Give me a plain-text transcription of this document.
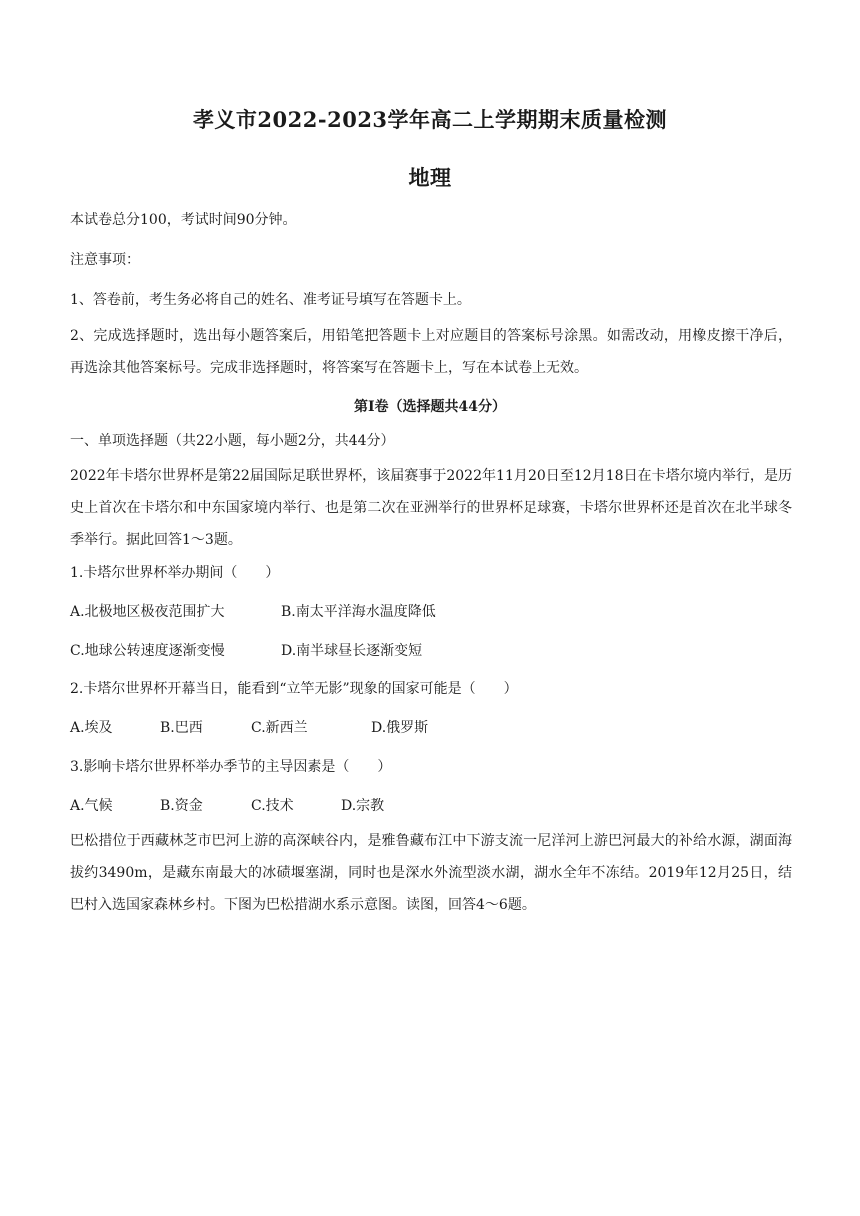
孝义市2022-2023学年高二上学期期末质量检测
地理
本试卷总分100，考试时间90分钟。
注意事项：
1、答卷前，考生务必将自己的姓名、准考证号填写在答题卡上。
2、完成选择题时，选出每小题答案后，用铅笔把答题卡上对应题目的答案标号涂黑。如需改动，用橡皮擦干净后，再选涂其他答案标号。完成非选择题时，将答案写在答题卡上，写在本试卷上无效。
第Ⅰ卷（选择题共44分）
一、单项选择题（共22小题，每小题2分，共44分）
2022年卡塔尔世界杯是第22届国际足联世界杯，该届赛事于2022年11月20日至12月18日在卡塔尔境内举行，是历史上首次在卡塔尔和中东国家境内举行、也是第二次在亚洲举行的世界杯足球赛，卡塔尔世界杯还是首次在北半球冬季举行。据此回答1～3题。
1.卡塔尔世界杯举办期间（　　）
A.北极地区极夜范围扩大	B.南太平洋海水温度降低
C.地球公转速度逐渐变慢	D.南半球昼长逐渐变短
2.卡塔尔世界杯开幕当日，能看到“立竿无影”现象的国家可能是（　　）
A.埃及	B.巴西	C.新西兰	D.俄罗斯
3.影响卡塔尔世界杯举办季节的主导因素是（　　）
A.气候	B.资金	C.技术	D.宗教
巴松措位于西藏林芝市巴河上游的高深峡谷内，是雅鲁藏布江中下游支流一尼洋河上游巴河最大的补给水源，湖面海拔约3490m，是藏东南最大的冰碛堰塞湖，同时也是深水外流型淡水湖，湖水全年不冻结。2019年12月25日，结巴村入选国家森林乡村。下图为巴松措湖水系示意图。读图，回答4～6题。
